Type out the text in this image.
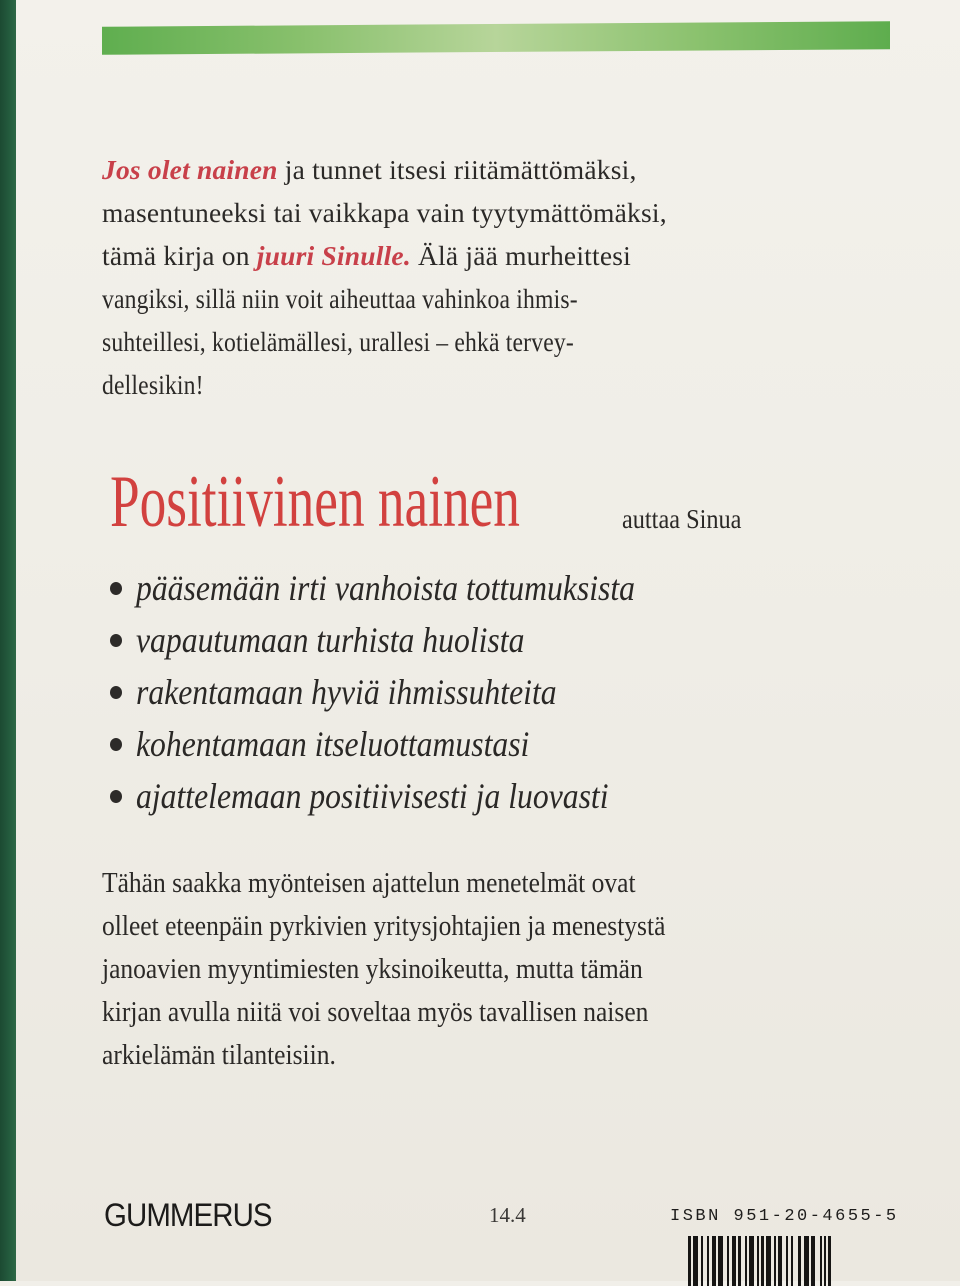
Jos olet nainen ja tunnet itsesi riitämättömäksi,
masentuneeksi tai vaikkapa vain tyytymättömäksi,
tämä kirja on juuri Sinulle. Älä jää murheittesi
vangiksi, sillä niin voit aiheuttaa vahinkoa ihmis-
suhteillesi, kotielämällesi, urallesi – ehkä tervey-
dellesikin!
Positiivinen nainen	auttaa Sinua
pääsemään irti vanhoista tottumuksista
vapautumaan turhista huolista
rakentamaan hyviä ihmissuhteita
kohentamaan itseluottamustasi
ajattelemaan positiivisesti ja luovasti
Tähän saakka myönteisen ajattelun menetelmät ovat
olleet eteenpäin pyrkivien yritysjohtajien ja menestystä
janoavien myyntimiesten yksinoikeutta, mutta tämän
kirjan avulla niitä voi soveltaa myös tavallisen naisen
arkielämän tilanteisiin.
GUMMERUS	14.4	ISBN 951-20-4655-5
